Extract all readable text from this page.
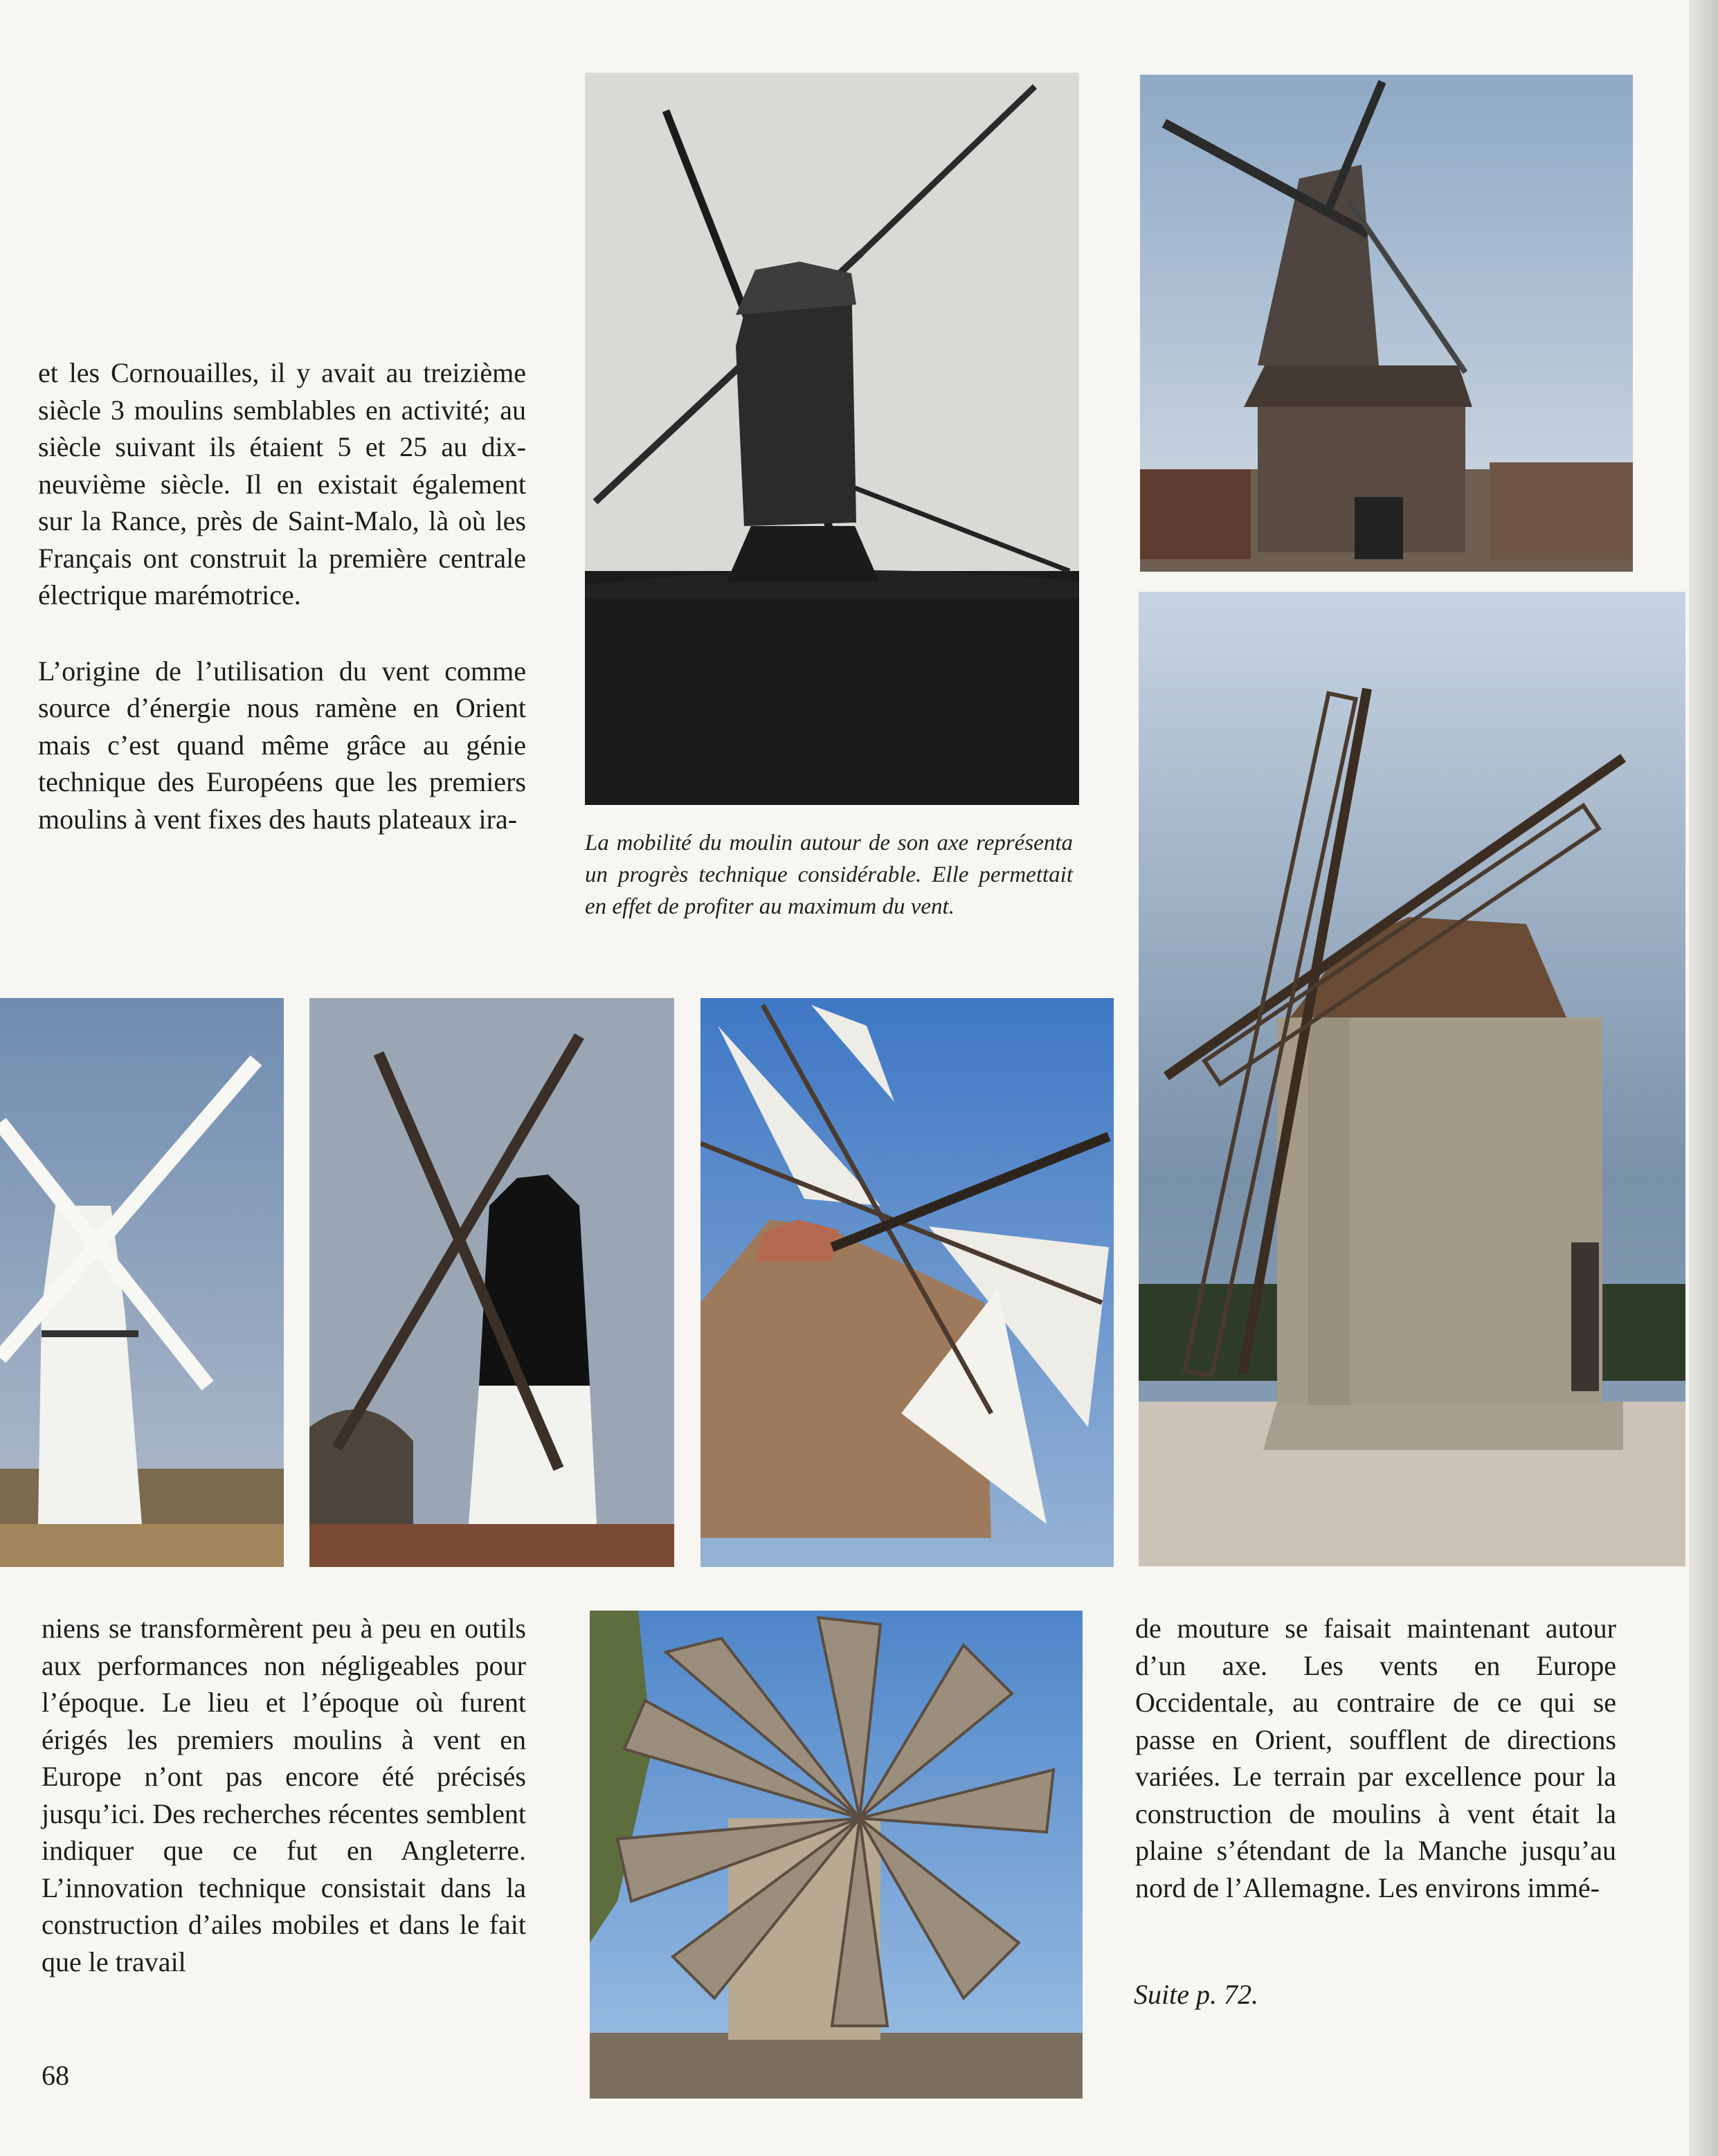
et les Cornouailles, il y avait au treizième siècle 3 moulins semblables en activité; au siècle suivant ils étaient 5 et 25 au dix-neuvième siècle. Il en existait également sur la Rance, près de Saint-Malo, là où les Français ont construit la première centrale électrique marémotrice.

L’origine de l’utilisation du vent comme source d’énergie nous ramène en Orient mais c’est quand même grâce au génie technique des Européens que les premiers moulins à vent fixes des hauts plateaux ira-

La mobilité du moulin autour de son axe représenta un progrès technique considérable. Elle permettait en effet de profiter au maximum du vent.
niens se transformèrent peu à peu en outils aux performances non négligeables pour l’époque. Le lieu et l’époque où furent érigés les premiers moulins à vent en Europe n’ont pas encore été précisés jusqu’ici. Des recherches récentes semblent indiquer que ce fut en Angleterre. L’innovation technique consistait dans la construction d’ailes mobiles et dans le fait que le travail
de mouture se faisait maintenant autour d’un axe. Les vents en Europe Occidentale, au contraire de ce qui se passe en Orient, soufflent de directions variées. Le terrain par excellence pour la construction de moulins à vent était la plaine s’étendant de la Manche jusqu’au nord de l’Allemagne. Les environs immé-

Suite p. 72.

68
